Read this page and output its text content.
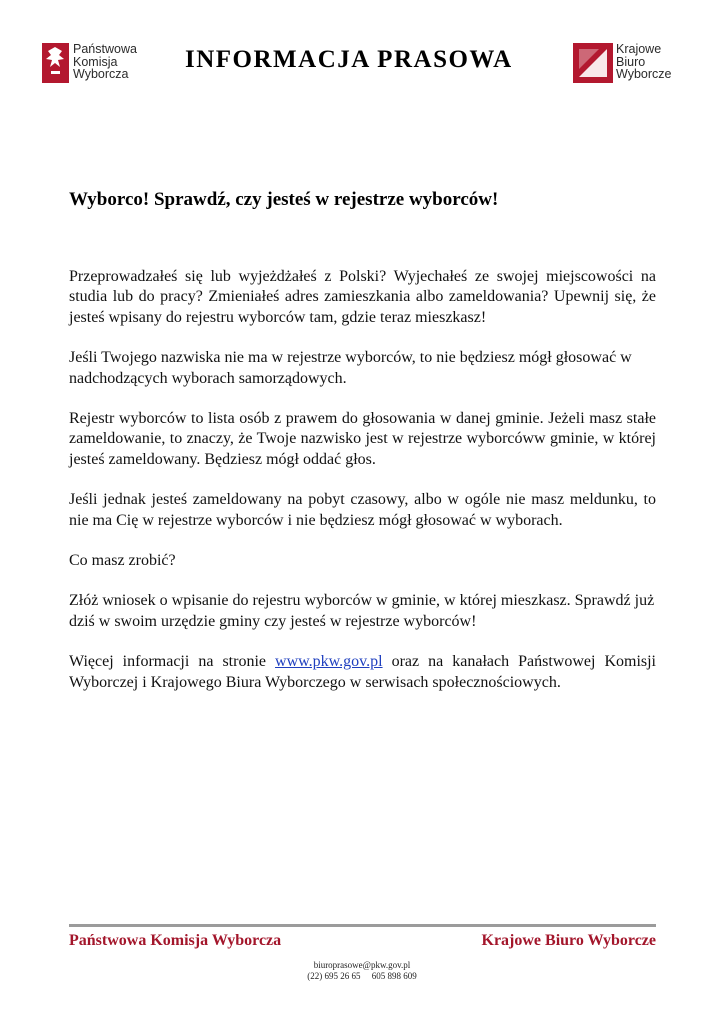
Państwowa
Komisja
Wyborcza
INFORMACJA PRASOWA	Krajowe
Biuro
Wyborcze
Wyborco! Sprawdź, czy jesteś w rejestrze wyborców!

Przeprowadzałeś się lub wyjeżdżałeś z Polski? Wyjechałeś ze swojej miejscowości na studia lub do pracy? Zmieniałeś adres zamieszkania albo zameldowania? Upewnij się, że jesteś wpisany do rejestru wyborców tam, gdzie teraz mieszkasz!

Jeśli Twojego nazwiska nie ma w rejestrze wyborców, to nie będziesz mógł głosować w nadchodzących wyborach samorządowych.

Rejestr wyborców to lista osób z prawem do głosowania w danej gminie. Jeżeli masz stałe zameldowanie, to znaczy, że Twoje nazwisko jest w rejestrze wyborcóww gminie, w której jesteś zameldowany. Będziesz mógł oddać głos.

Jeśli jednak jesteś zameldowany na pobyt czasowy, albo w ogóle nie masz meldunku, to nie ma Cię w rejestrze wyborców i nie będziesz mógł głosować w wyborach.

Co masz zrobić?

Złóż wniosek o wpisanie do rejestru wyborców w gminie, w której mieszkasz. Sprawdź już dziś w swoim urzędzie gminy czy jesteś w rejestrze wyborców!

Więcej informacji na stronie www.pkw.gov.pl oraz na kanałach Państwowej Komisji Wyborczej i Krajowego Biura Wyborczego w serwisach społecznościowych.

Państwowa Komisja Wyborcza	Krajowe Biuro Wyborcze
biuroprasowe@pkw.gov.pl
(22) 695 26 65     605 898 609
